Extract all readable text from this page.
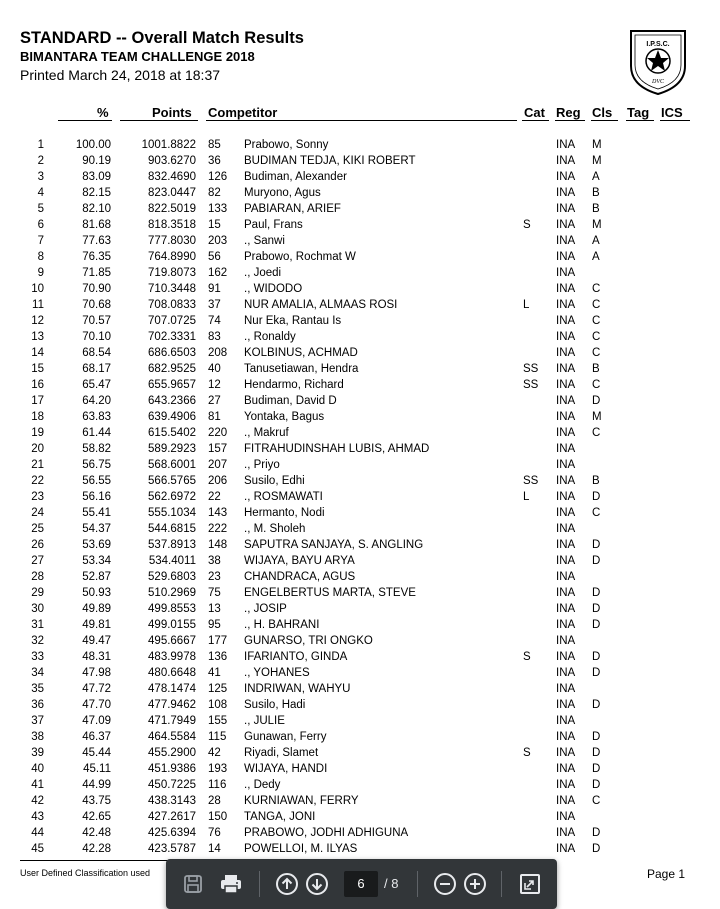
STANDARD -- Overall Match Results
BIMANTARA TEAM CHALLENGE 2018
Printed March 24, 2018 at 18:37
I.P.S.C.
DVC
%	Points Competitor	Cat Reg Cls Tag ICS
1	100.00	1001.8822 85 Prabowo, Sonny	INA M
2	90.19	903.6270 36 BUDIMAN TEDJA, KIKI ROBERT	INA M
3	83.09	832.4690 126 Budiman, Alexander	INA A
4	82.15	823.0447 82 Muryono, Agus	INA B
5	82.10	822.5019 133 PABIARAN, ARIEF	INA B
6	81.68	818.3518 15 Paul, Frans	S INA M
7	77.63	777.8030 203 ., Sanwi	INA A
8	76.35	764.8990 56 Prabowo, Rochmat W	INA A
9	71.85	719.8073 162 ., Joedi	INA
10	70.90	710.3448 91 ., WIDODO	INA C
11	70.68	708.0833 37 NUR AMALIA, ALMAAS ROSI	L INA C
12	70.57	707.0725 74 Nur Eka, Rantau Is	INA C
13	70.10	702.3331 83 ., Ronaldy	INA C
14	68.54	686.6503 208 KOLBINUS, ACHMAD	INA C
15	68.17	682.9525 40 Tanusetiawan, Hendra	SS INA B
16	65.47	655.9657 12 Hendarmo, Richard	SS INA C
17	64.20	643.2366 27 Budiman, David D	INA D
18	63.83	639.4906 81 Yontaka, Bagus	INA M
19	61.44	615.5402 220 ., Makruf	INA C
20	58.82	589.2923 157 FITRAHUDINSHAH LUBIS, AHMAD	INA
21	56.75	568.6001 207 ., Priyo	INA
22	56.55	566.5765 206 Susilo, Edhi	SS INA B
23	56.16	562.6972 22 ., ROSMAWATI	L INA D
24	55.41	555.1034 143 Hermanto, Nodi	INA C
25	54.37	544.6815 222 ., M. Sholeh	INA
26	53.69	537.8913 148 SAPUTRA SANJAYA, S. ANGLING	INA D
27	53.34	534.4011 38 WIJAYA, BAYU ARYA	INA D
28	52.87	529.6803 23 CHANDRACA, AGUS	INA
29	50.93	510.2969 75 ENGELBERTUS MARTA, STEVE	INA D
30	49.89	499.8553 13 ., JOSIP	INA D
31	49.81	499.0155 95 ., H. BAHRANI	INA D
32	49.47	495.6667 177 GUNARSO, TRI ONGKO	INA
33	48.31	483.9978 136 IFARIANTO, GINDA	S INA D
34	47.98	480.6648 41 ., YOHANES	INA D
35	47.72	478.1474 125 INDRIWAN, WAHYU	INA
36	47.70	477.9462 108 Susilo, Hadi	INA D
37	47.09	471.7949 155 ., JULIE	INA
38	46.37	464.5584 115 Gunawan, Ferry	INA D
39	45.44	455.2900 42 Riyadi, Slamet	S INA D
40	45.11	451.9386 193 WIJAYA, HANDI	INA D
41	44.99	450.7225 116 ., Dedy	INA D
42	43.75	438.3143 28 KURNIAWAN, FERRY	INA C
43	42.65	427.2617 150 TANGA, JONI	INA
44	42.48	425.6394 76 PRABOWO, JODHI ADHIGUNA	INA D
45	42.28	423.5787 14 POWELLOI, M. ILYAS	INA D
User Defined Classification used	Page 1
6	/ 8
